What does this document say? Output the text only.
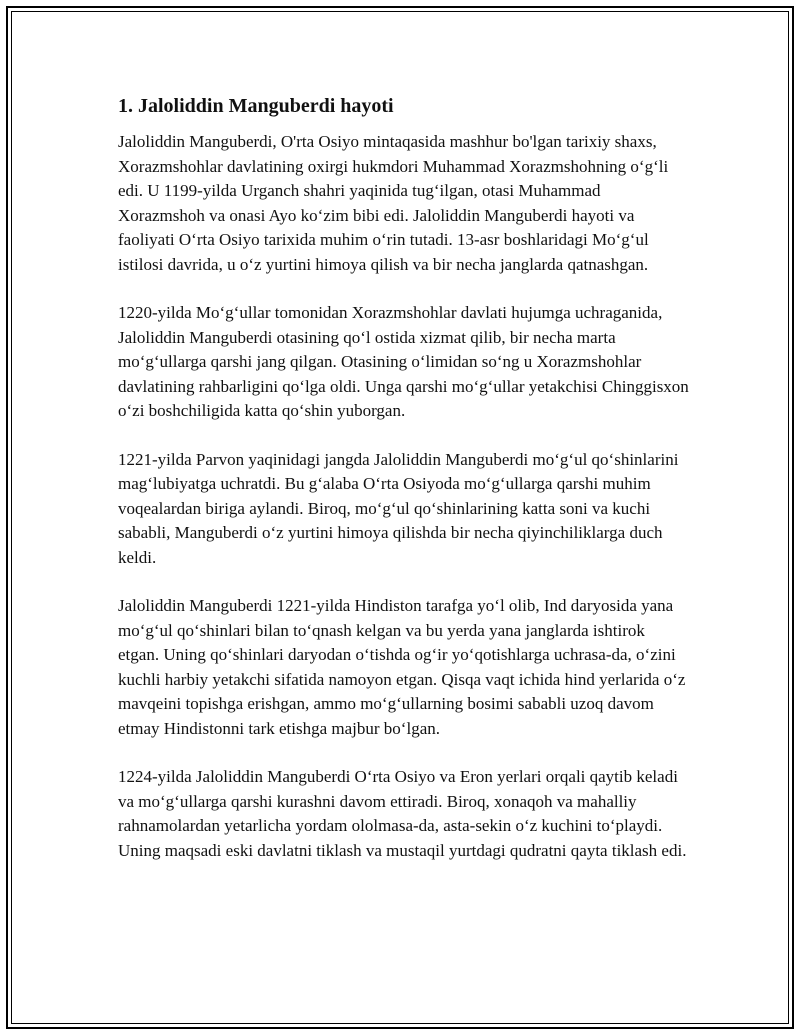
1. Jaloliddin Manguberdi hayoti

Jaloliddin Manguberdi, O'rta Osiyo mintaqasida mashhur bo'lgan tarixiy shaxs, Xorazmshohlar davlatining oxirgi hukmdori Muhammad Xorazmshohning o‘g‘li edi. U 1199-yilda Urganch shahri yaqinida tug‘ilgan, otasi Muhammad Xorazmshoh va onasi Ayo ko‘zim bibi edi. Jaloliddin Manguberdi hayoti va faoliyati O‘rta Osiyo tarixida muhim o‘rin tutadi. 13-asr boshlaridagi Mo‘g‘ul istilosi davrida, u o‘z yurtini himoya qilish va bir necha janglarda qatnashgan.

1220-yilda Mo‘g‘ullar tomonidan Xorazmshohlar davlati hujumga uchraganida, Jaloliddin Manguberdi otasining qo‘l ostida xizmat qilib, bir necha marta mo‘g‘ullarga qarshi jang qilgan. Otasining o‘limidan so‘ng u Xorazmshohlar davlatining rahbarligini qo‘lga oldi. Unga qarshi mo‘g‘ullar yetakchisi Chinggisxon o‘zi boshchiligida katta qo‘shin yuborgan.

1221-yilda Parvon yaqinidagi jangda Jaloliddin Manguberdi mo‘g‘ul qo‘shinlarini mag‘lubiyatga uchratdi. Bu g‘alaba O‘rta Osiyoda mo‘g‘ullarga qarshi muhim voqealardan biriga aylandi. Biroq, mo‘g‘ul qo‘shinlarining katta soni va kuchi sababli, Manguberdi o‘z yurtini himoya qilishda bir necha qiyinchiliklarga duch keldi.

Jaloliddin Manguberdi 1221-yilda Hindiston tarafga yo‘l olib, Ind daryosida yana mo‘g‘ul qo‘shinlari bilan to‘qnash kelgan va bu yerda yana janglarda ishtirok etgan. Uning qo‘shinlari daryodan o‘tishda og‘ir yo‘qotishlarga uchrasa-da, o‘zini kuchli harbiy yetakchi sifatida namoyon etgan. Qisqa vaqt ichida hind yerlarida o‘z mavqeini topishga erishgan, ammo mo‘g‘ullarning bosimi sababli uzoq davom etmay Hindistonni tark etishga majbur bo‘lgan.

1224-yilda Jaloliddin Manguberdi O‘rta Osiyo va Eron yerlari orqali qaytib keladi va mo‘g‘ullarga qarshi kurashni davom ettiradi. Biroq, xonaqoh va mahalliy rahnamolardan yetarlicha yordam ololmasa-da, asta-sekin o‘z kuchini to‘playdi. Uning maqsadi eski davlatni tiklash va mustaqil yurtdagi qudratni qayta tiklash edi.
